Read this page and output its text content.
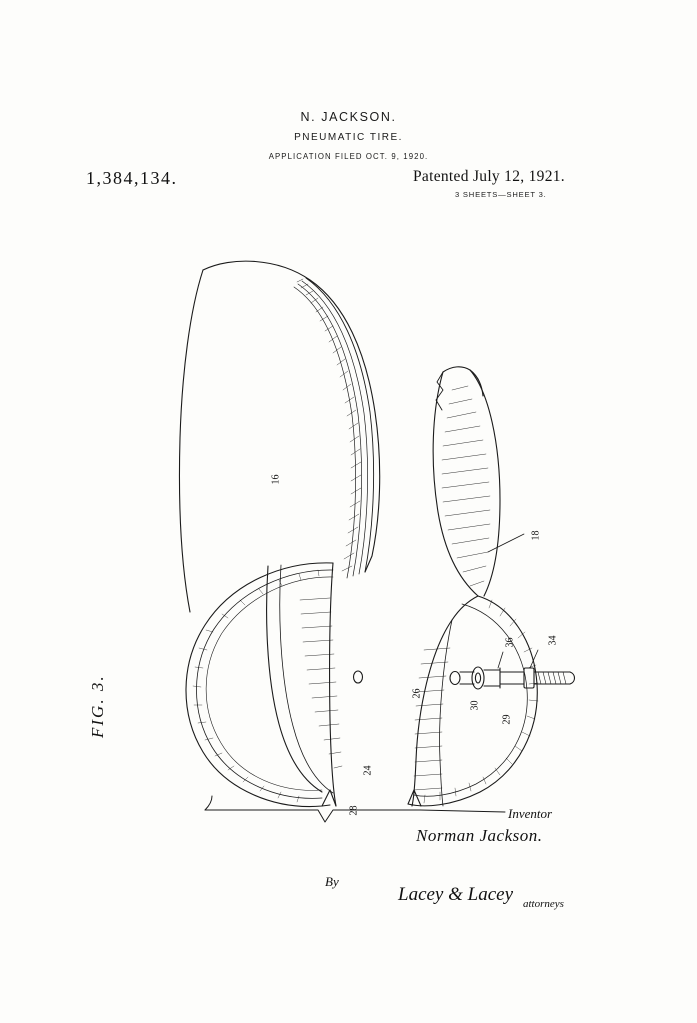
N. JACKSON.
PNEUMATIC TIRE.
APPLICATION FILED OCT. 9, 1920.
1,384,134.	Patented July 12, 1921.
3 SHEETS—SHEET 3.
FIG. 3.
16
18
34
36
26
30
29
24
28	Inventor
Norman Jackson.
By
Lacey & Lacey attorneys
